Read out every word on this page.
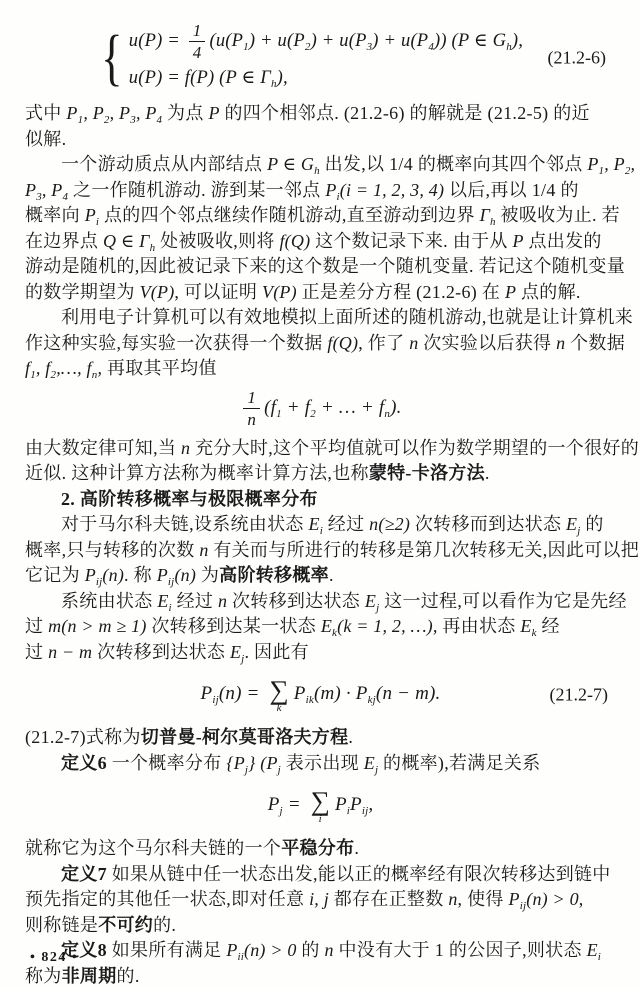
{ $u(P) = \frac{1}{4} (u(P_1) + u(P_2) + u(P_3) + u(P_4))$ (P ∈ $G_h$),
u(P) = f(P) (P ∈ $\Gamma_h$),
(21.2-6)
式中 $P_1$, $P_2$, $P_3$, $P_4$ 为点 P 的四个相邻点. (21.2-6) 的解就是 (21.2-5) 的近
似解.
一个游动质点从内部结点 P ∈ $G_h$ 出发,以 1/4 的概率向其四个邻点 $P_1$, $P_2$,
$P_3$, $P_4$ 之一作随机游动. 游到某一邻点 $P_i(i = 1$, 2, 3, 4) 以后,再以 1/4 的
概率向 $P_i$ 点的四个邻点继续作随机游动,直至游动到边界 $\Gamma_h$ 被吸收为止. 若
在边界点 Q ∈ $\Gamma_h$ 处被吸收,则将 f(Q) 这个数记录下来. 由于从 P 点出发的
游动是随机的,因此被记录下来的这个数是一个随机变量. 若记这个随机变量
的数学期望为 V(P), 可以证明 V(P) 正是差分方程 (21.2-6) 在 P 点的解.
利用电子计算机可以有效地模拟上面所述的随机游动,也就是让计算机来
作这种实验,每实验一次获得一个数据 f(Q), 作了 n 次实验以后获得 n 个数据
$f_1$, $f_2,\dots$, $f_n$, 再取其平均值
$\frac{1}{n} (f_1 + f_2$ + … + $f_n$).
由大数定律可知,当 n 充分大时,这个平均值就可以作为数学期望的一个很好的
近似. 这种计算方法称为概率计算方法,也称蒙特-卡洛方法.
2. 高阶转移概率与极限概率分布
对于马尔科夫链,设系统由状态 $E_i$ 经过 n(≥2) 次转移而到达状态 $E_j$ 的
概率,只与转移的次数 n 有关而与所进行的转移是第几次转移无关,因此可以把
它记为 $P_{ij}(n)$. 称 $P_{ij}(n)$ 为高阶转移概率.
系统由状态 $E_i$ 经过 n 次转移到达状态 $E_j$ 这一过程,可以看作为它是先经
过 m(n > m ≥ 1) 次转移到达某一状态 $E_k(k = 1$, 2, …), 再由状态 $E_k$ 经
过 n − m 次转移到达状态 $E_j$. 因此有
$P_{ij}(n)$ = ∑
k
$P_{ik}(m) \cdot P_{kj}(n - m)$.	(21.2-7)
(21.2-7)式称为切普曼-柯尔莫哥洛夫方程.
定义6 一个概率分布 $\{P_j\}$ ($P_j$ 表示出现 $E_j$ 的概率),若满足关系
$P_j$ = ∑
i
$P_iP_{ij}$,
就称它为这个马尔科夫链的一个平稳分布.
定义7 如果从链中任一状态出发,能以正的概率经有限次转移达到链中
预先指定的其他任一状态,即对任意 i, j 都存在正整数 n, 使得 $P_{ij}(n) > 0$,
则称链是不可约的.
定义8 如果所有满足 $P_{ii}(n) > 0$ 的 n 中没有大于 1 的公因子,则状态 $E_i$
称为非周期的.
• 824 •
